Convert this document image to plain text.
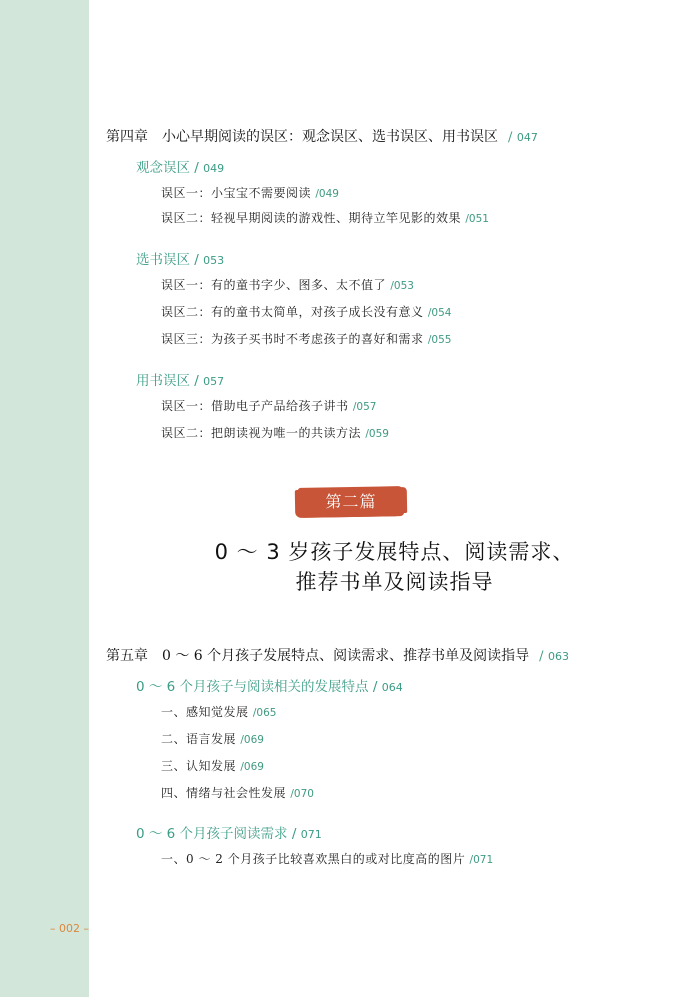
第四章　小心早期阅读的误区：观念误区、选书误区、用书误区 / 047
观念误区 / 049
误区一：小宝宝不需要阅读 /049
误区二：轻视早期阅读的游戏性、期待立竿见影的效果 /051
选书误区 / 053
误区一：有的童书字少、图多、太不值了 /053
误区二：有的童书太简单，对孩子成长没有意义 /054
误区三：为孩子买书时不考虑孩子的喜好和需求 /055
用书误区 / 057
误区一：借助电子产品给孩子讲书 /057
误区二：把朗读视为唯一的共读方法 /059
第二篇
0 ～ 3 岁孩子发展特点、阅读需求、
推荐书单及阅读指导
第五章　0 ～ 6 个月孩子发展特点、阅读需求、推荐书单及阅读指导 / 063
0 ～ 6 个月孩子与阅读相关的发展特点 / 064
一、感知觉发展 /065
二、语言发展 /069
三、认知发展 /069
四、情绪与社会性发展 /070
0 ～ 6 个月孩子阅读需求 / 071
一、0 ～ 2 个月孩子比较喜欢黑白的或对比度高的图片 /071
– 002 –
